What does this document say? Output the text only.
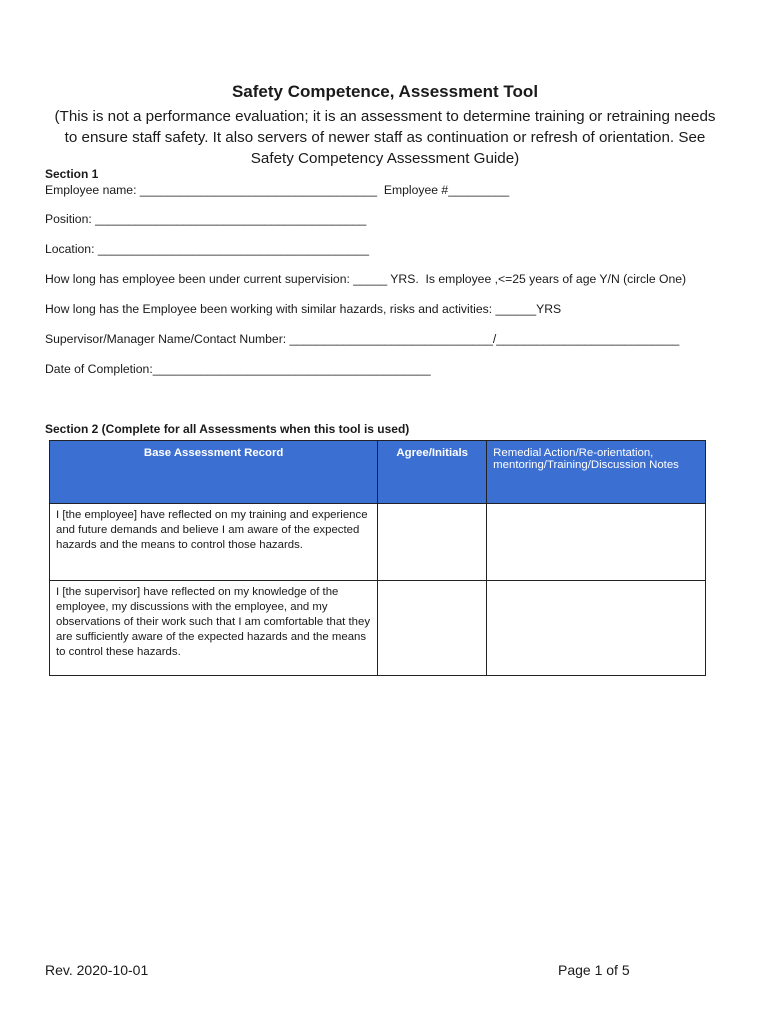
Safety Competence, Assessment Tool
(This is not a performance evaluation; it is an assessment to determine training or retraining needs to ensure staff safety. It also servers of newer staff as continuation or refresh of orientation. See Safety Competency Assessment Guide)
Section 1
Employee name: ___________________________________  Employee #_________
Position: ________________________________________
Location: ________________________________________
How long has employee been under current supervision: _____ YRS.  Is employee ,<=25 years of age Y/N (circle One)
How long has the Employee been working with similar hazards, risks and activities: ______YRS
Supervisor/Manager Name/Contact Number: ______________________________/___________________________
Date of Completion:_________________________________________
Section 2 (Complete for all Assessments when this tool is used)
Base Assessment Record	Agree/Initials	Remedial Action/Re-orientation, mentoring/Training/Discussion Notes
I [the employee] have reflected on my training and experience and future demands and believe I am aware of the expected hazards and the means to control those hazards.		
I [the supervisor] have reflected on my knowledge of the employee, my discussions with the employee, and my observations of their work such that I am comfortable that they are sufficiently aware of the expected hazards and the means to control these hazards.		
Rev. 2020-10-01	Page 1 of 5
